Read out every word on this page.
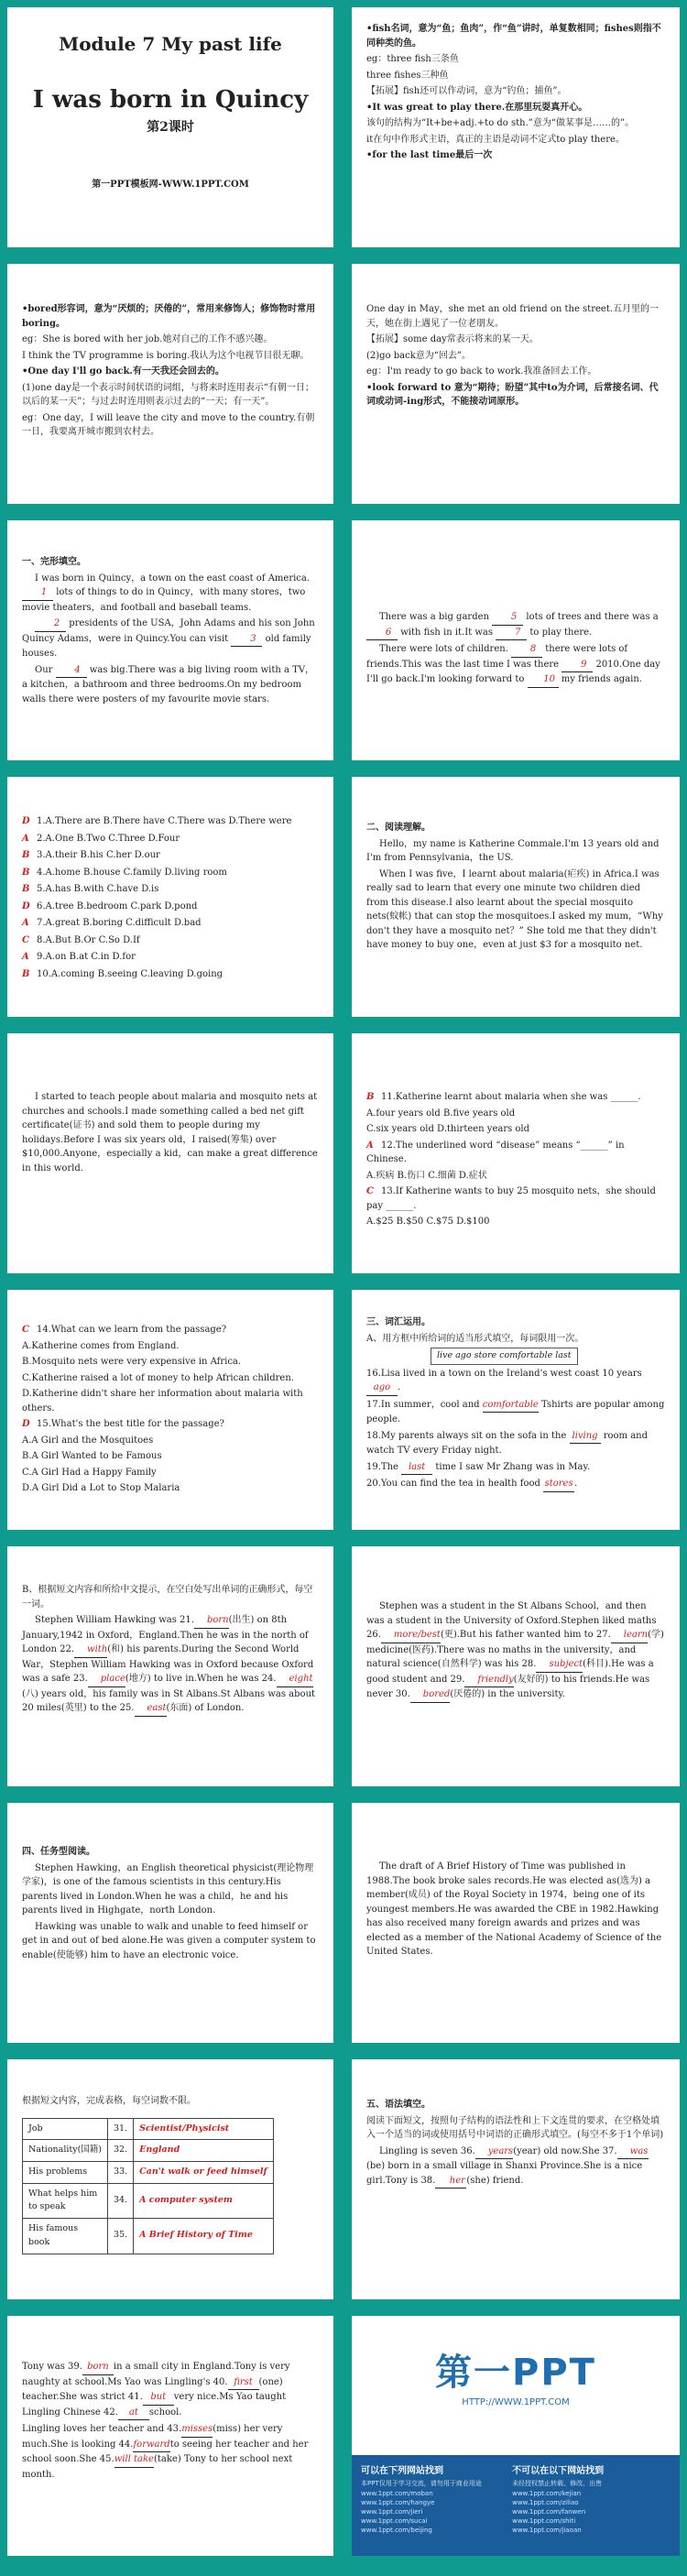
Module 7 My past life
I was born in Quincy
第2课时
第一PPT模板网-WWW.1PPT.COM
•fish名词，意为“鱼；鱼肉”，作“鱼”讲时，单复数相同；fishes则指不同种类的鱼。
eg：three fish三条鱼
three fishes三种鱼
【拓展】fish还可以作动词，意为“钓鱼；捕鱼”。
•It was great to play there.在那里玩耍真开心。
该句的结构为“It+be+adj.+to do sth.”意为“做某事是……的”。
it在句中作形式主语，真正的主语是动词不定式to play there。
•for the last time最后一次
•bored形容词，意为“厌烦的；厌倦的”，常用来修饰人；修饰物时常用boring。
eg：She is bored with her job.她对自己的工作不感兴趣。
I think the TV programme is boring.我认为这个电视节目很无聊。
•One day I'll go back.有一天我还会回去的。
(1)one day是一个表示时间状语的词组，与将来时连用表示“有朝一日；以后的某一天”；与过去时连用则表示过去的“一天；有一天”。
eg：One day，I will leave the city and move to the country.有朝一日，我要离开城市搬到农村去。
One day in May，she met an old friend on the street.五月里的一天，她在街上遇见了一位老朋友。
【拓展】some day常表示将来的某一天。
(2)go back意为“回去”。
eg：I'm ready to go back to work.我准备回去工作。
•look forward to 意为“期待；盼望”其中to为介词，后常接名词、代词或动词-ing形式，不能接动词原形。
一、完形填空。
I was born in Quincy，a town on the east coast of America. 1 lots of things to do in Quincy，with many stores，two movie theaters，and football and baseball teams.
2 presidents of the USA，John Adams and his son John Quincy Adams，were in Quincy.You can visit 3 old family houses.
Our 4 was big.There was a big living room with a TV，a kitchen，a bathroom and three bedrooms.On my bedroom walls there were posters of my favourite movie stars.
There was a big garden 5 lots of trees and there was a 6 with fish in it.It was 7 to play there.
There were lots of children. 8 there were lots of friends.This was the last time I was there 9 2010.One day I'll go back.I'm looking forward to 10 my friends again.
D 1.A.There are B.There have C.There was D.There were
A 2.A.One B.Two C.Three D.Four
B 3.A.their B.his C.her D.our
B 4.A.home B.house C.family D.living room
B 5.A.has B.with C.have D.is
D 6.A.tree B.bedroom C.park D.pond
A 7.A.great B.boring C.difficult D.bad
C 8.A.But B.Or C.So D.If
A 9.A.on B.at C.in D.for
B 10.A.coming B.seeing C.leaving D.going
二、阅读理解。
Hello，my name is Katherine Commale.I'm 13 years old and I'm from Pennsylvania，the US.
When I was five，I learnt about malaria(疟疾) in Africa.I was really sad to learn that every one minute two children died from this disease.I also learnt about the special mosquito nets(蚊帐) that can stop the mosquitoes.I asked my mum，“Why don't they have a mosquito net？” She told me that they didn't have money to buy one，even at just $3 for a mosquito net.
I started to teach people about malaria and mosquito nets at churches and schools.I made something called a bed net gift certificate(证书) and sold them to people during my holidays.Before I was six years old，I raised(筹集) over $10,000.Anyone，especially a kid，can make a great difference in this world.
B 11.Katherine learnt about malaria when she was ______.
A.four years old B.five years old
C.six years old D.thirteen years old
A 12.The underlined word “disease” means “______” in Chinese.
A.疾病 B.伤口 C.细菌 D.症状
C 13.If Katherine wants to buy 25 mosquito nets，she should pay ______.
A.$25 B.$50 C.$75 D.$100
C 14.What can we learn from the passage?
A.Katherine comes from England.
B.Mosquito nets were very expensive in Africa.
C.Katherine raised a lot of money to help African children.
D.Katherine didn't share her information about malaria with others.
D 15.What's the best title for the passage?
A.A Girl and the Mosquitoes
B.A Girl Wanted to be Famous
C.A Girl Had a Happy Family
D.A Girl Did a Lot to Stop Malaria
三、词汇运用。
A、用方框中所给词的适当形式填空，每词限用一次。
live ago store comfortable last
16.Lisa lived in a town on the Ireland's west coast 10 years ago .
17.In summer，cool and comfortable Tshirts are popular among people.
18.My parents always sit on the sofa in the living room and watch TV every Friday night.
19.The last time I saw Mr Zhang was in May.
20.You can find the tea in health food stores .
B、根据短文内容和所给中文提示，在空白处写出单词的正确形式，每空一词。
Stephen William Hawking was 21. born(出生) on 8th January,1942 in Oxford，England.Then he was in the north of London 22. with(和) his parents.During the Second World War，Stephen William Hawking was in Oxford because Oxford was a safe 23. place(地方) to live in.When he was 24. eight(八) years old，his family was in St Albans.St Albans was about 20 miles(英里) to the 25. east(东面) of London.
Stephen was a student in the St Albans School，and then was a student in the University of Oxford.Stephen liked maths 26. more/best(更).But his father wanted him to 27. learn(学) medicine(医药).There was no maths in the university，and natural science(自然科学) was his 28. subject(科目).He was a good student and 29. friendly(友好的) to his friends.He was never 30. bored(厌倦的) in the university.
四、任务型阅读。
Stephen Hawking，an English theoretical physicist(理论物理学家)，is one of the famous scientists in this century.His parents lived in London.When he was a child，he and his parents lived in Highgate，north London.
Hawking was unable to walk and unable to feed himself or get in and out of bed alone.He was given a computer system to enable(使能够) him to have an electronic voice.
The draft of A Brief History of Time was published in 1988.The book broke sales records.He was elected as(选为) a member(成员) of the Royal Society in 1974，being one of its youngest members.He was awarded the CBE in 1982.Hawking has also received many foreign awards and prizes and was elected as a member of the National Academy of Science of the United States.
根据短文内容，完成表格，每空词数不限。
Job	31.	Scientist/Physicist
Nationality(国籍)	32.	England
His problems	33.	Can't walk or feed himself
What helps him to speak	34.	A computer system
His famous book	35.	A Brief History of Time
五、语法填空。
阅读下面短文，按照句子结构的语法性和上下文连贯的要求，在空格处填入一个适当的词或使用括号中词语的正确形式填空。(每空不多于1个单词)
Lingling is seven 36. years(year) old now.She 37. was(be) born in a small village in Shanxi Province.She is a nice girl.Tony is 38. her(she) friend.
Tony was 39. born in a small city in England.Tony is very naughty at school.Ms Yao was Lingling's 40. first (one) teacher.She was strict 41. but very nice.Ms Yao taught Lingling Chinese 42. at school.
Lingling loves her teacher and 43.misses(miss) her very much.She is looking 44.forwardto seeing her teacher and her school soon.She 45.will take(take) Tony to her school next month.
第一PPT
HTTP://WWW.1PPT.COM
可以在下列网站找到
本PPT仅用于学习交流，请勿用于商业用途
www.1ppt.com/moban
www.1ppt.com/hangye
www.1ppt.com/jieri
www.1ppt.com/sucai
www.1ppt.com/beijing

不可以在以下网站找到
未经授权禁止转载、修改、出售
www.1ppt.com/kejian
www.1ppt.com/ziliao
www.1ppt.com/fanwen
www.1ppt.com/shiti
www.1ppt.com/jiaoan
